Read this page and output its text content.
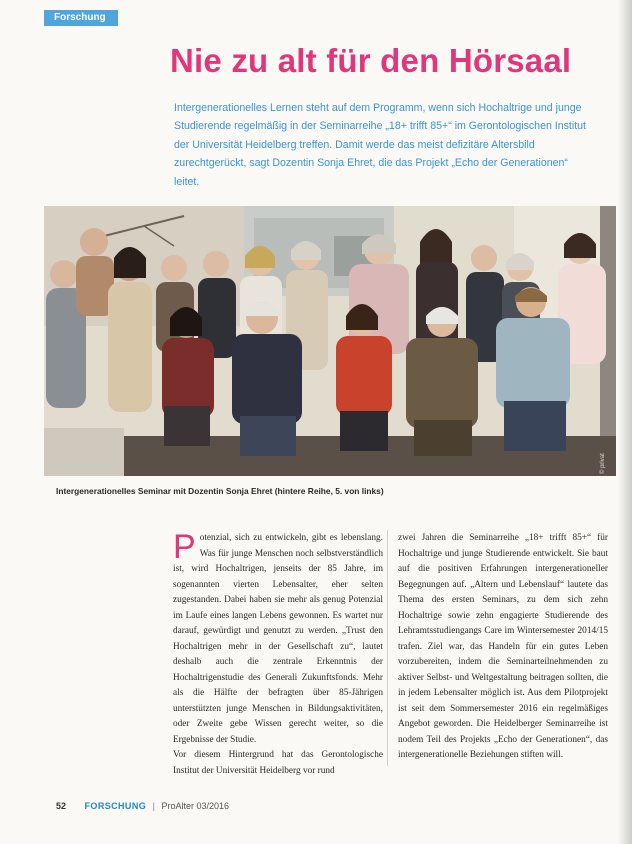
Forschung
Nie zu alt für den Hörsaal

Intergenerationelles Lernen steht auf dem Programm, wenn sich Hochaltrige und junge Studierende regelmäßig in der Seminarreihe „18+ trifft 85+“ im Gerontologischen Institut der Universität Heidelberg treffen. Damit werde das meist defizitäre Altersbild zurechtgerückt, sagt Dozentin Sonja Ehret, die das Projekt „Echo der Generationen“ leitet.

© privat

Intergenerationelles Seminar mit Dozentin Sonja Ehret (hintere Reihe, 5. von links)

Potenzial, sich zu entwickeln, gibt es lebenslang. Was für junge Menschen noch selbstverständlich ist, wird Hochaltrigen, jenseits der 85 Jahre, im sogenannten vierten Lebensalter, eher selten zugestanden. Dabei haben sie mehr als genug Potenzial im Laufe eines langen Lebens gewonnen. Es wartet nur darauf, gewürdigt und genutzt zu werden. „Trust den Hochaltrigen mehr in der Gesellschaft zu“, lautet deshalb auch die zentrale Erkenntnis der Hochaltrigenstudie des Generali Zukunftsfonds. Mehr als die Hälfte der befragten über 85-Jährigen unterstützten junge Menschen in Bildungsaktivitäten, oder Zweite gebe Wissen gerecht weiter, so die Ergebnisse der Studie.

Vor diesem Hintergrund hat das Gerontologische Institut der Universität Heidelberg vor rund

zwei Jahren die Seminarreihe „18+ trifft 85+“ für Hochaltrige und junge Studierende entwickelt. Sie baut auf die positiven Erfahrungen intergenerationeller Begegnungen auf. „Altern und Lebenslauf“ lautete das Thema des ersten Seminars, zu dem sich zehn Hochaltrige sowie zehn engagierte Studierende des Lehramtsstudiengangs Care im Wintersemester 2014/15 trafen. Ziel war, das Handeln für ein gutes Leben vorzubereiten, indem die Seminarteilnehmenden zu aktiver Selbst- und Weltgestaltung beitragen sollten, die in jedem Lebensalter möglich ist. Aus dem Pilotprojekt ist seit dem Sommersemester 2016 ein regelmäßiges Angebot geworden. Die Heidelberger Seminarreihe ist nodem Teil des Projekts „Echo der Generationen“, das intergenerationelle Beziehungen stiften will.

52 FORSCHUNG | ProAlter 03/2016
